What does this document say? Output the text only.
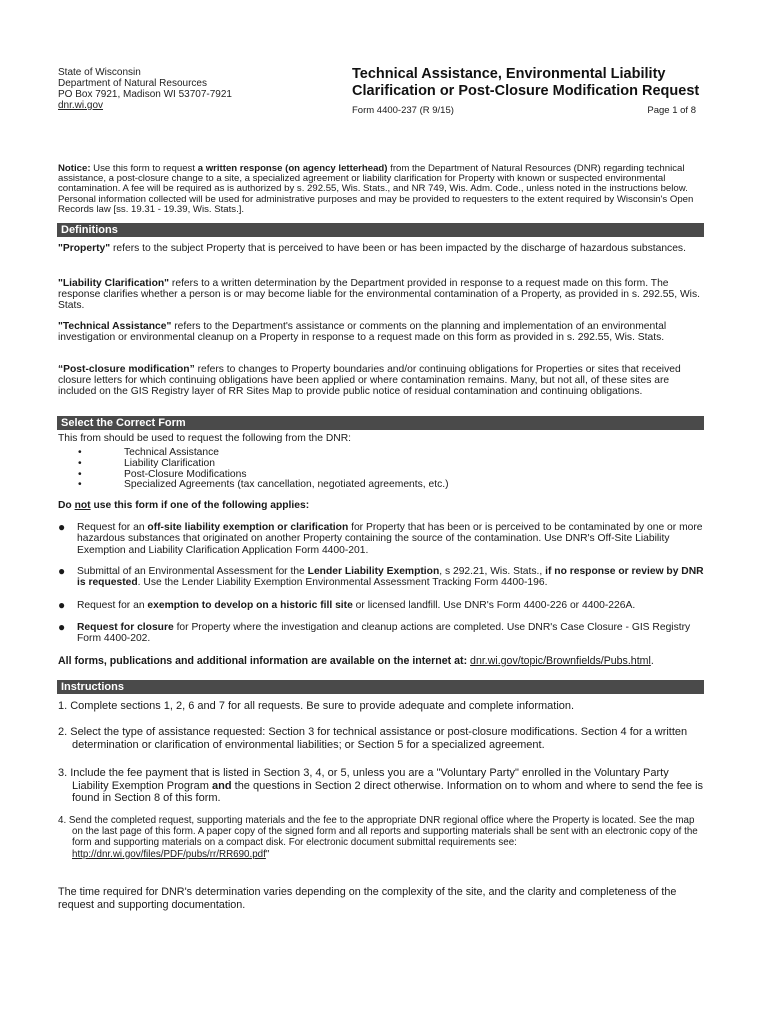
State of Wisconsin
Department of Natural Resources
PO Box 7921, Madison WI 53707-7921
dnr.wi.gov
Technical Assistance, Environmental Liability
Clarification or Post-Closure Modification Request
Form 4400-237 (R 9/15)	Page 1 of 8
Notice: Use this form to request a written response (on agency letterhead) from the Department of Natural Resources (DNR) regarding technical assistance, a post-closure change to a site, a specialized agreement or liability clarification for Property with known or suspected environmental contamination. A fee will be required as is authorized by s. 292.55, Wis. Stats., and NR 749, Wis. Adm. Code., unless noted in the instructions below. Personal information collected will be used for administrative purposes and may be provided to requesters to the extent required by Wisconsin's Open Records law [ss. 19.31 - 19.39, Wis. Stats.].
Definitions
"Property" refers to the subject Property that is perceived to have been or has been impacted by the discharge of hazardous substances.
"Liability Clarification" refers to a written determination by the Department provided in response to a request made on this form. The response clarifies whether a person is or may become liable for the environmental contamination of a Property, as provided in s. 292.55, Wis. Stats.
"Technical Assistance" refers to the Department's assistance or comments on the planning and implementation of an environmental investigation or environmental cleanup on a Property in response to a request made on this form as provided in s. 292.55, Wis. Stats.
“Post-closure modification” refers to changes to Property boundaries and/or continuing obligations for Properties or sites that received closure letters for which continuing obligations have been applied or where contamination remains. Many, but not all, of these sites are included on the GIS Registry layer of RR Sites Map to provide public notice of residual contamination and continuing obligations.
Select the Correct Form
This from should be used to request the following from the DNR:
• Technical Assistance
• Liability Clarification
• Post-Closure Modifications
• Specialized Agreements (tax cancellation, negotiated agreements, etc.)
Do not use this form if one of the following applies:
● Request for an off-site liability exemption or clarification for Property that has been or is perceived to be contaminated by one or more hazardous substances that originated on another Property containing the source of the contamination. Use DNR's Off-Site Liability Exemption and Liability Clarification Application Form 4400-201.
● Submittal of an Environmental Assessment for the Lender Liability Exemption, s 292.21, Wis. Stats., if no response or review by DNR is requested. Use the Lender Liability Exemption Environmental Assessment Tracking Form 4400-196.
● Request for an exemption to develop on a historic fill site or licensed landfill. Use DNR's Form 4400-226 or 4400-226A.
● Request for closure for Property where the investigation and cleanup actions are completed. Use DNR's Case Closure - GIS Registry Form 4400-202.
All forms, publications and additional information are available on the internet at: dnr.wi.gov/topic/Brownfields/Pubs.html.
Instructions
1. Complete sections 1, 2, 6 and 7 for all requests. Be sure to provide adequate and complete information.
2. Select the type of assistance requested: Section 3 for technical assistance or post-closure modifications. Section 4 for a written determination or clarification of environmental liabilities; or Section 5 for a specialized agreement.
3. Include the fee payment that is listed in Section 3, 4, or 5, unless you are a "Voluntary Party" enrolled in the Voluntary Party Liability Exemption Program and the questions in Section 2 direct otherwise. Information on to whom and where to send the fee is found in Section 8 of this form.
4. Send the completed request, supporting materials and the fee to the appropriate DNR regional office where the Property is located. See the map on the last page of this form. A paper copy of the signed form and all reports and supporting materials shall be sent with an electronic copy of the form and supporting materials on a compact disk. For electronic document submittal requirements see: http://dnr.wi.gov/files/PDF/pubs/rr/RR690.pdf"
The time required for DNR's determination varies depending on the complexity of the site, and the clarity and completeness of the request and supporting documentation.
